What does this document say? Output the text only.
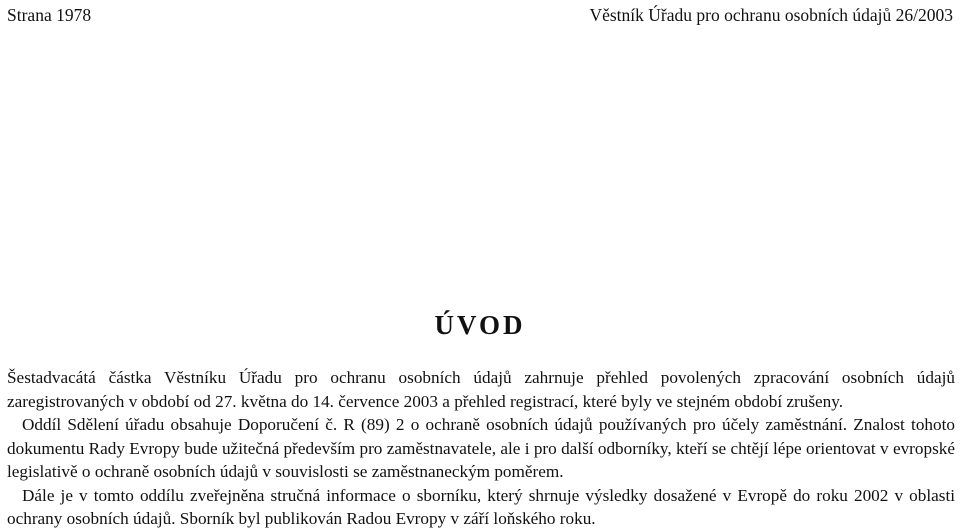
Strana 1978	Věstník Úřadu pro ochranu osobních údajů 26/2003
ÚVOD

Šestadvacátá částka Věstníku Úřadu pro ochranu osobních údajů zahrnuje přehled povolených zpracování osobních údajů zaregistrovaných v období od 27. května do 14. července 2003 a přehled registrací, které byly ve stejném období zrušeny.

Oddíl Sdělení úřadu obsahuje Doporučení č. R (89) 2 o ochraně osobních údajů používaných pro účely zaměstnání. Znalost tohoto dokumentu Rady Evropy bude užitečná především pro zaměstnavatele, ale i pro další odborníky, kteří se chtějí lépe orientovat v evropské legislativě o ochraně osobních údajů v souvislosti se zaměstnaneckým poměrem.

Dále je v tomto oddílu zveřejněna stručná informace o sborníku, který shrnuje výsledky dosažené v Evropě do roku 2002 v oblasti ochrany osobních údajů. Sborník byl publikován Radou Evropy v září loňského roku.
